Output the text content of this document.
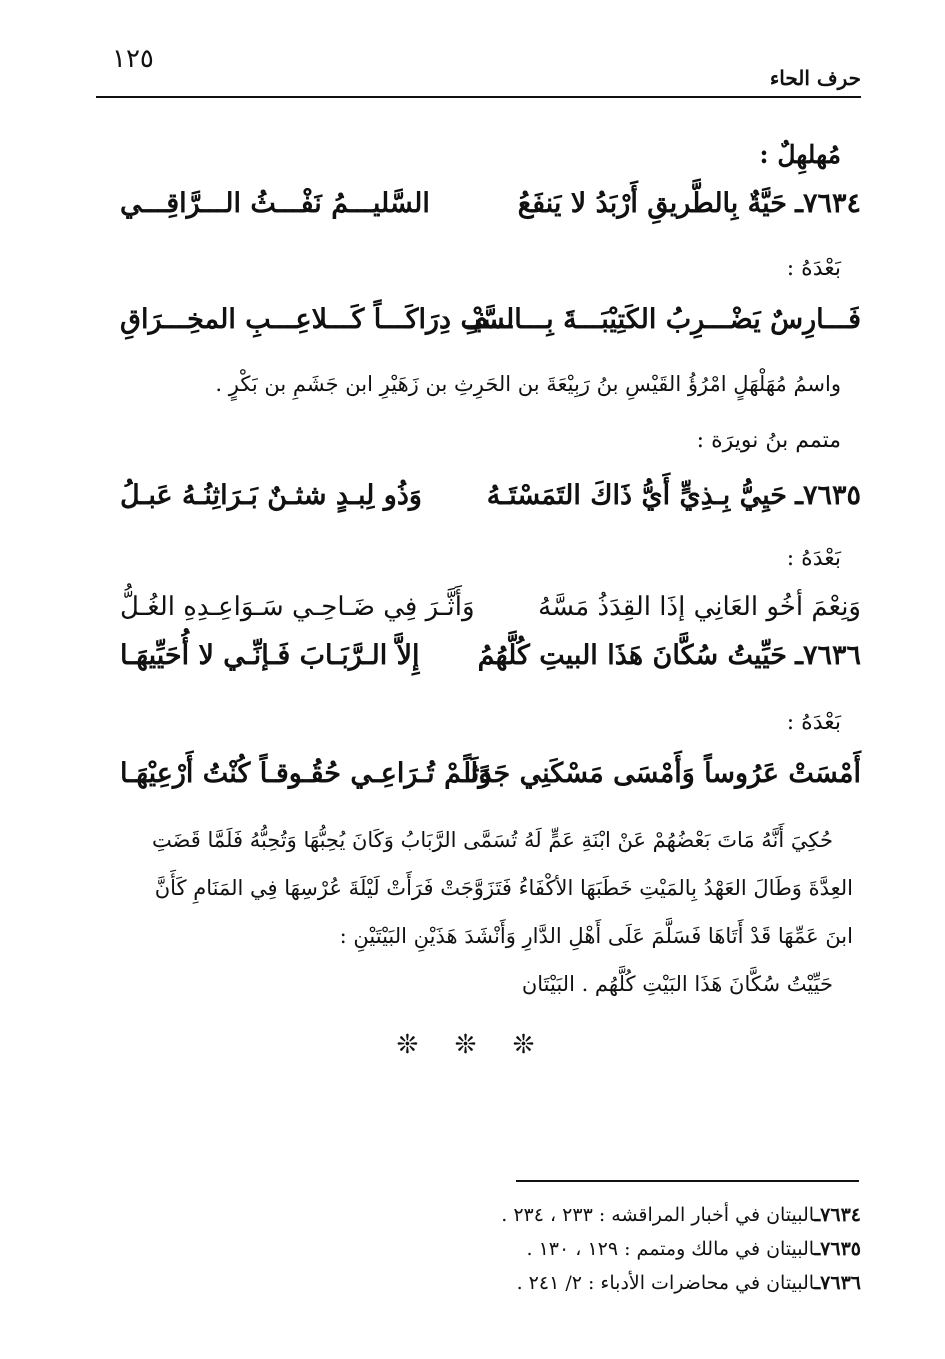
١٢٥
حرف الحاء
مُهلهِلٌ :
٧٦٣٤ـ
حَيَّةٌ بِالطَّريقِ أَرْبَدُ لا يَنفَعُ
السَّليـــمُ نَفْـــثُ الـــرَّاقِـــي
بَعْدَهُ :
فَـــارِسٌ يَضْـــرِبُ الكَتِيْبَـــةَ بِـــالسَّيْـ
ـــفِ دِرَاكَـــاً كَـــلاعِـــبِ المخِـــرَاقِ
واسمُ مُهَلْهَلٍ امْرُؤُ القَيْسِ بنُ رَبِيْعَةَ بن الحَرِثِ بن زَهَيْرِ ابن جَشَمِ بن بَكْرٍ .
متمم بنُ نويرَة :
٧٦٣٥ـ
حَيِيُّ بِـذِيٍّ أَيُّ ذَاكَ التَمَسْتَـهُ
وَذُو لِبـدٍ شثـنٌ بَـرَاثِنُـهُ عَبـلُ
بَعْدَهُ :
وَنِعْمَ أخُو العَانِي إذَا القِدَذُ مَسَّهُ
وَأَثَّـرَ فِي ضَـاحِـي سَـوَاعِـدِهِ الغُـلُّ
٧٦٣٦ـ
حَيِّيتُ سُكَّانَ هَذَا البيتِ كُلَّهُمُ
إِلاَّ الـرَّبَـابَ فَـإنِّـي لا أُحَيِّيهَـا
بَعْدَهُ :
أَمْسَتْ عَرُوساً وَأَمْسَى مَسْكَنِي جَدَثاً
وَلَـمْ تُـرَاعِـي حُقُـوقـاً كُنْتُ أَرْعِيْهَـا
حُكِيَ أَنَّهُ مَاتَ بَعْضُهُمْ عَنْ ابْنَةِ عَمٍّ لَهُ تُسَمَّى الرَّبَابُ وَكَانَ يُحِبُّهَا وَتُحِبُّهُ فَلَمَّا قَضَتِ
العِدَّةَ وَطَالَ العَهْدُ بِالمَيْتِ خَطَبَهَا الأكْفَاءُ فَتَزَوَّجَتْ فَرَأَتْ لَيْلَةَ عُرْسِهَا فِي المَنَامِ كَأَنَّ
ابنَ عَمِّهَا قَدْ أَتَاهَا فَسَلَّمَ عَلَى أَهْلِ الدَّارِ وَأَنْشَدَ هَذَيْنِ البَيْتَيْنِ :
حَيِّيْتُ سُكَّانَ هَذَا البَيْتِ كُلَّهُم . البَيْتَان
❊ ❊ ❊
٧٦٣٤ـالبيتان في أخبار المراقشه : ٢٣٣ ، ٢٣٤ .
٧٦٣٥ـالبيتان في مالك ومتمم : ١٢٩ ، ١٣٠ .
٧٦٣٦ـالبيتان في محاضرات الأدباء : ٢/ ٢٤١ .
